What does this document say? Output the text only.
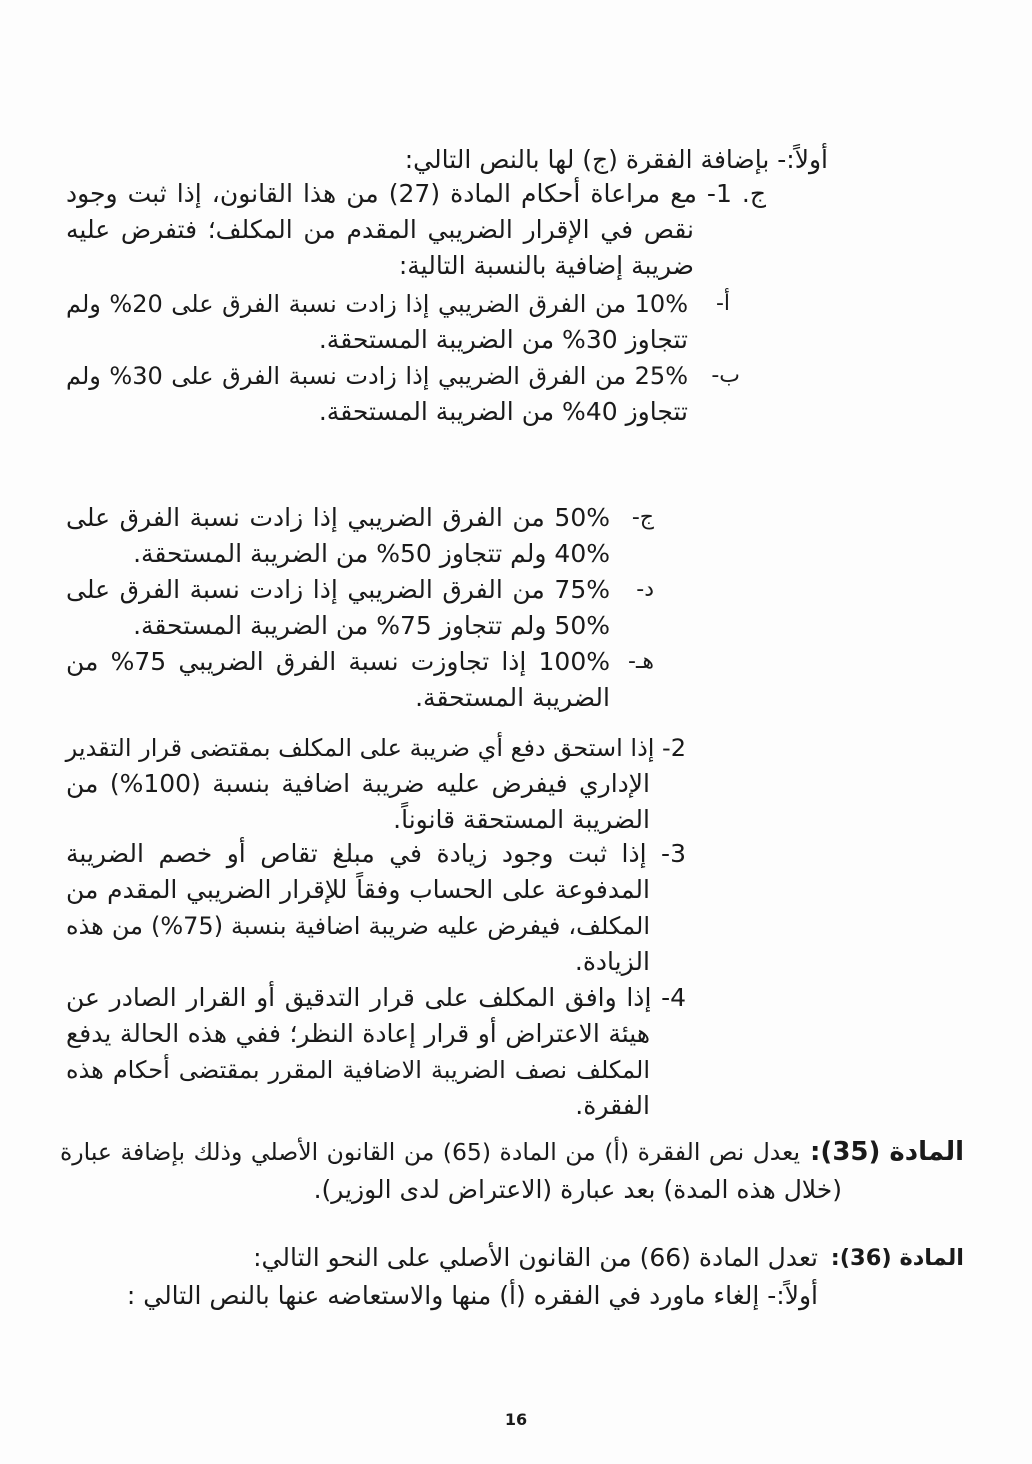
أولاً:- بإضافة الفقرة (ج) لها بالنص التالي:
ج. 1- مع مراعاة أحكام المادة (27) من هذا القانون، إذا ثبت وجود
نقص في الإقرار الضريبي المقدم من المكلف؛ فتفرض عليه
ضريبة إضافية بالنسبة التالية:
أ-
10% من الفرق الضريبي إذا زادت نسبة الفرق على 20% ولم
تتجاوز 30% من الضريبة المستحقة.
ب-
25% من الفرق الضريبي إذا زادت نسبة الفرق على 30% ولم
تتجاوز 40% من الضريبة المستحقة.
ج-
50% من الفرق الضريبي إذا زادت نسبة الفرق على
40% ولم تتجاوز 50% من الضريبة المستحقة.
د-
75% من الفرق الضريبي إذا زادت نسبة الفرق على
50% ولم تتجاوز 75% من الضريبة المستحقة.
هـ-
100% إذا تجاوزت نسبة الفرق الضريبي 75% من
الضريبة المستحقة.
2- إذا استحق دفع أي ضريبة على المكلف بمقتضى قرار التقدير
الإداري فيفرض عليه ضريبة اضافية بنسبة (100%) من
الضريبة المستحقة قانوناً.
3- إذا ثبت وجود زيادة في مبلغ تقاص أو خصم الضريبة
المدفوعة على الحساب وفقاً للإقرار الضريبي المقدم من
المكلف، فيفرض عليه ضريبة اضافية بنسبة (75%) من هذه
الزيادة.
4- إذا وافق المكلف على قرار التدقيق أو القرار الصادر عن
هيئة الاعتراض أو قرار إعادة النظر؛ ففي هذه الحالة يدفع
المكلف نصف الضريبة الاضافية المقرر بمقتضى أحكام هذه
الفقرة.
المادة (35):
يعدل نص الفقرة (أ) من المادة (65) من القانون الأصلي وذلك بإضافة عبارة
(خلال هذه المدة) بعد عبارة (الاعتراض لدى الوزير).
المادة (36):
تعدل المادة (66) من القانون الأصلي على النحو التالي:
أولاً:- إلغاء ماورد في الفقره (أ) منها والاستعاضه عنها بالنص التالي :
16
